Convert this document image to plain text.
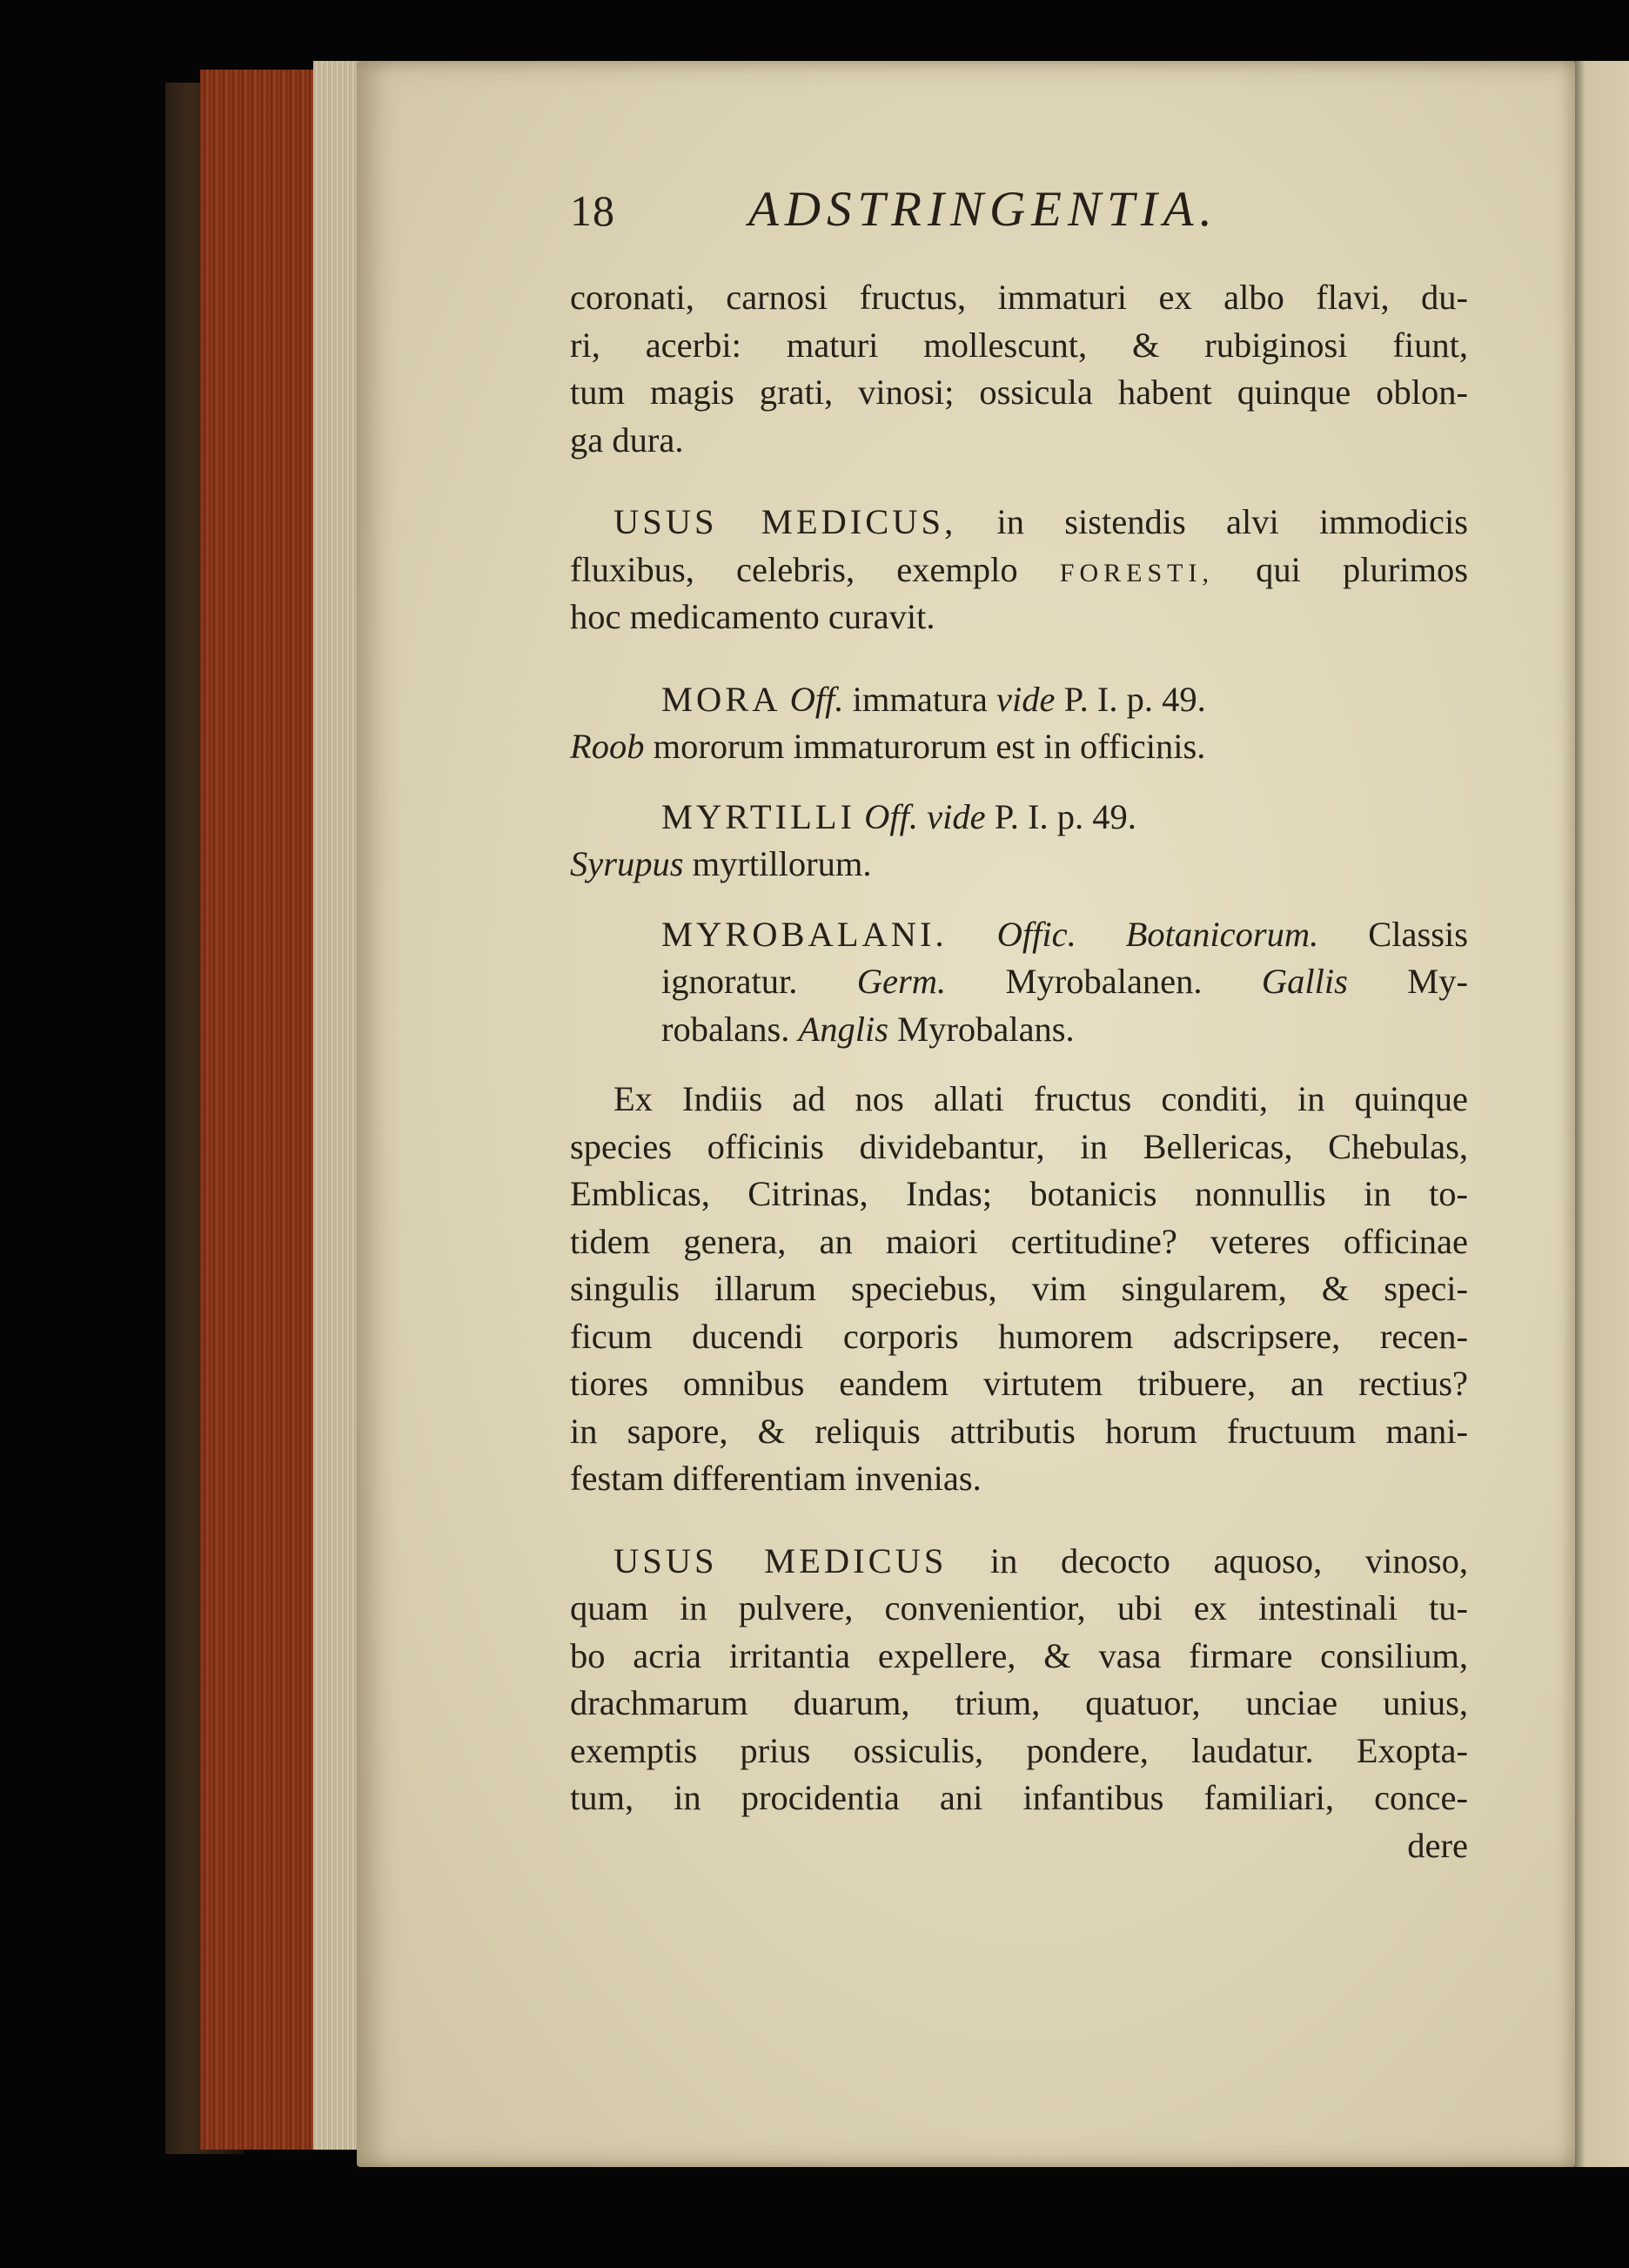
18	ADSTRINGENTIA.
coronati, carnosi fructus, immaturi ex albo flavi, du-
ri, acerbi: maturi mollescunt, & rubiginosi fiunt,
tum magis grati, vinosi; ossicula habent quinque oblon-
ga dura.
USUS MEDICUS, in sistendis alvi immodicis
fluxibus, celebris, exemplo FORESTI, qui plurimos
hoc medicamento curavit.
MORA Off. immatura vide P. I. p. 49.
Roob mororum immaturorum est in officinis.
MYRTILLI Off. vide P. I. p. 49.
Syrupus myrtillorum.
MYROBALANI. Offic. Botanicorum. Classis
ignoratur. Germ. Myrobalanen. Gallis My-
robalans. Anglis Myrobalans.
Ex Indiis ad nos allati fructus conditi, in quinque
species officinis dividebantur, in Bellericas, Chebulas,
Emblicas, Citrinas, Indas; botanicis nonnullis in to-
tidem genera, an maiori certitudine? veteres officinae
singulis illarum speciebus, vim singularem, & speci-
ficum ducendi corporis humorem adscripsere, recen-
tiores omnibus eandem virtutem tribuere, an rectius?
in sapore, & reliquis attributis horum fructuum mani-
festam differentiam invenias.
USUS MEDICUS in decocto aquoso, vinoso,
quam in pulvere, convenientior, ubi ex intestinali tu-
bo acria irritantia expellere, & vasa firmare consilium,
drachmarum duarum, trium, quatuor, unciae unius,
exemptis prius ossiculis, pondere, laudatur. Exopta-
tum, in procidentia ani infantibus familiari, conce-
dere
